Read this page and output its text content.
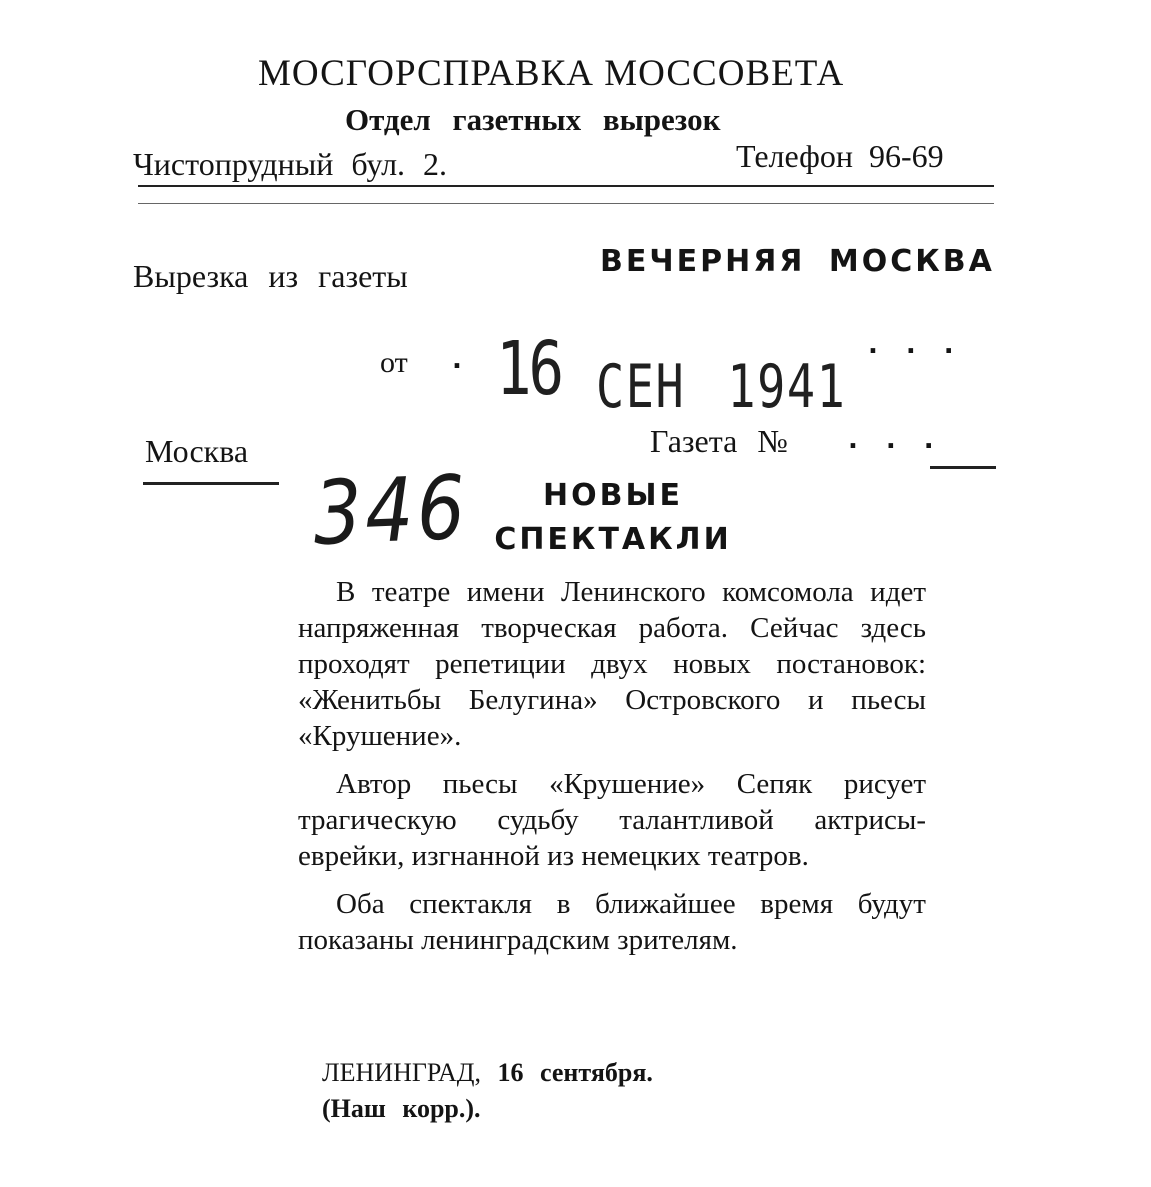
МОСГОРСПРАВКА МОССОВЕТА
Отдел газетных вырезок
Чистопрудный бул. 2.	Телефон 96-69
Вырезка из газеты	ВЕЧЕРНЯЯ МОСКВА
от .	...
16 СЕН 1941
Москва	Газета № ...
346	НОВЫЕ
СПЕКТАКЛИ

В театре имени Ленинского комсомола идет напряженная творческая работа. Сейчас здесь проходят репетиции двух новых постановок: «Женитьбы Белугина» Островского и пьесы «Крушение».

Автор пьесы «Крушение» Сепяк рисует трагическую судьбу талантливой актрисы-еврейки, изгнанной из немецких театров.

Оба спектакля в ближайшее время будут показаны ленинградским зрителям.

ЛЕНИНГРАД, 16 сентября.
(Наш корр.).
